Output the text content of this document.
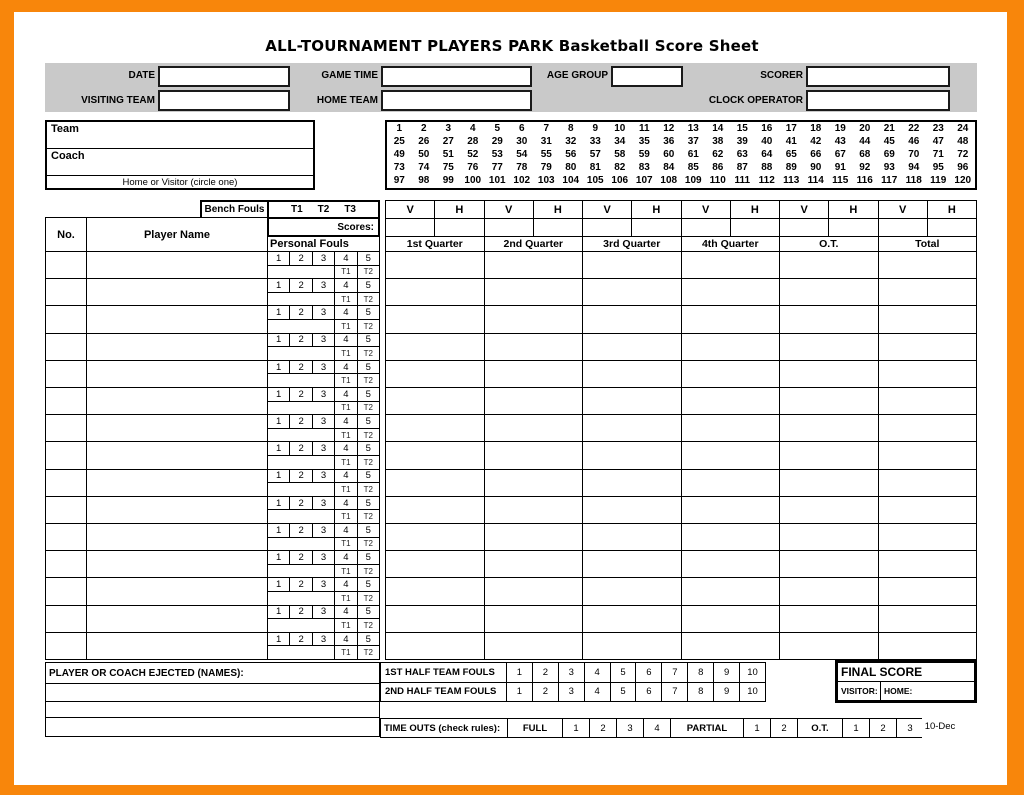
ALL-TOURNAMENT PLAYERS PARK Basketball Score Sheet
DATE	GAME TIME	AGE GROUP	SCORER
VISITING TEAM	HOME TEAM	CLOCK OPERATOR
Team
Coach
Home or Visitor (circle one)
1	2	3	4	5	6	7	8	9	10	11	12	13	14	15	16	17	18	19	20	21	22	23	24
25	26	27	28	29	30	31	32	33	34	35	36	37	38	39	40	41	42	43	44	45	46	47	48
49	50	51	52	53	54	55	56	57	58	59	60	61	62	63	64	65	66	67	68	69	70	71	72
73	74	75	76	77	78	79	80	81	82	83	84	85	86	87	88	89	90	91	92	93	94	95	96
97	98	99	100 101 102 103 104 105 106 107 108 109 110 111 112 113 114 115 116 117 118 119 120
Bench Fouls	T1 T2 T3
Scores:
V	H	V	H	V	H	V	H	V	H	V	H
No.	Player Name
Personal Fouls	1st Quarter	2nd Quarter	3rd Quarter	4th Quarter	O.T.	Total
1	2	3	4	5
T1	T2
1	2	3	4	5
T1	T2
1	2	3	4	5
T1	T2
1	2	3	4	5
T1	T2
1	2	3	4	5
T1	T2
1	2	3	4	5
T1	T2
1	2	3	4	5
T1	T2
1	2	3	4	5
T1	T2
1	2	3	4	5
T1	T2
1	2	3	4	5
T1	T2
1	2	3	4	5
T1	T2
1	2	3	4	5
T1	T2
1	2	3	4	5
T1	T2
1	2	3	4	5
T1	T2
1	2	3	4	5
T1	T2
PLAYER OR COACH EJECTED (NAMES):	1ST HALF TEAM FOULS	1	2	3	4	5	6	7	8	9	10
2ND HALF TEAM FOULS	1	2	3	4	5	6	7	8	9	10
FINAL SCORE
VISITOR: HOME:
TIME OUTS (check rules):	FULL	1	2	3	4	PARTIAL	1	2	O.T.	1	2	3	10-Dec
